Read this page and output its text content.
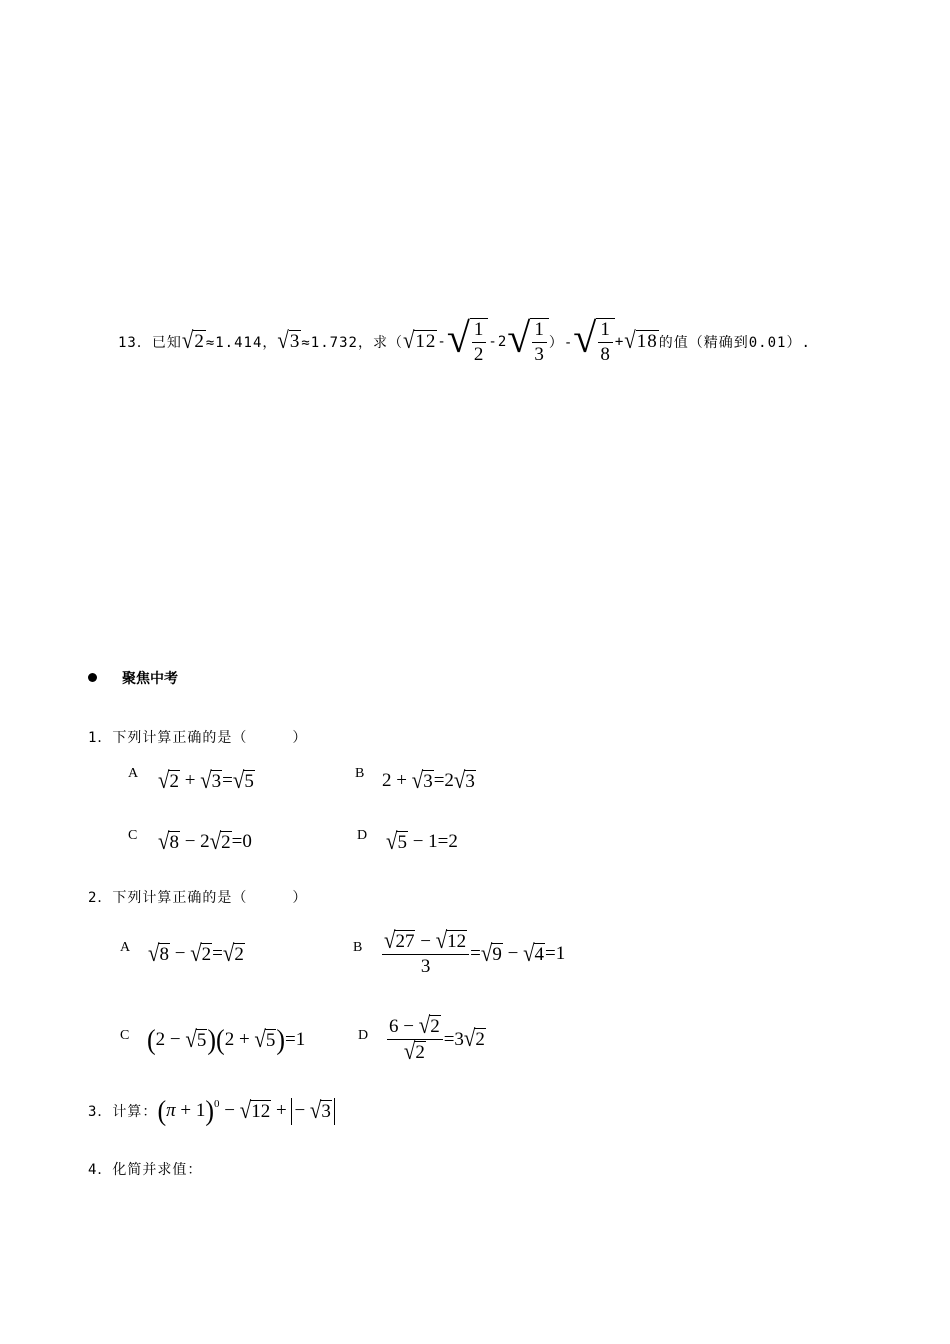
13． 已知 √ 2 ≈1.414， √ 3 ≈1.732，求（ √ 12 - √ $\frac{1}{2} -2$ √ $\frac{1}{3}$ ）- √ $\frac{1}{8}$ + √ 18 的值（精确到0.01）.
聚焦中考
1．下列计算正确的是（　　　）
A √ 2 + √ 3 = √ 5	B 2 + √ 3 =2 √ 3
C √ 8 − 2 √ 2 =0	D √ 5 − 1=2
2．下列计算正确的是（　　　）
A √ 8 − √ 2 = √ 2	B $\frac{√ 27 - √ 12}{3}$ = √ 9 − √ 4 =1
C ( 2 − √ 5 )( 2 + √ 5 ) =1	D $\frac{6 - √ 2}{√ 2} =3$ √ 2
3．计算： ( π + 1 )$^0$ − √ 12 + − √ 3
4．化简并求值：
